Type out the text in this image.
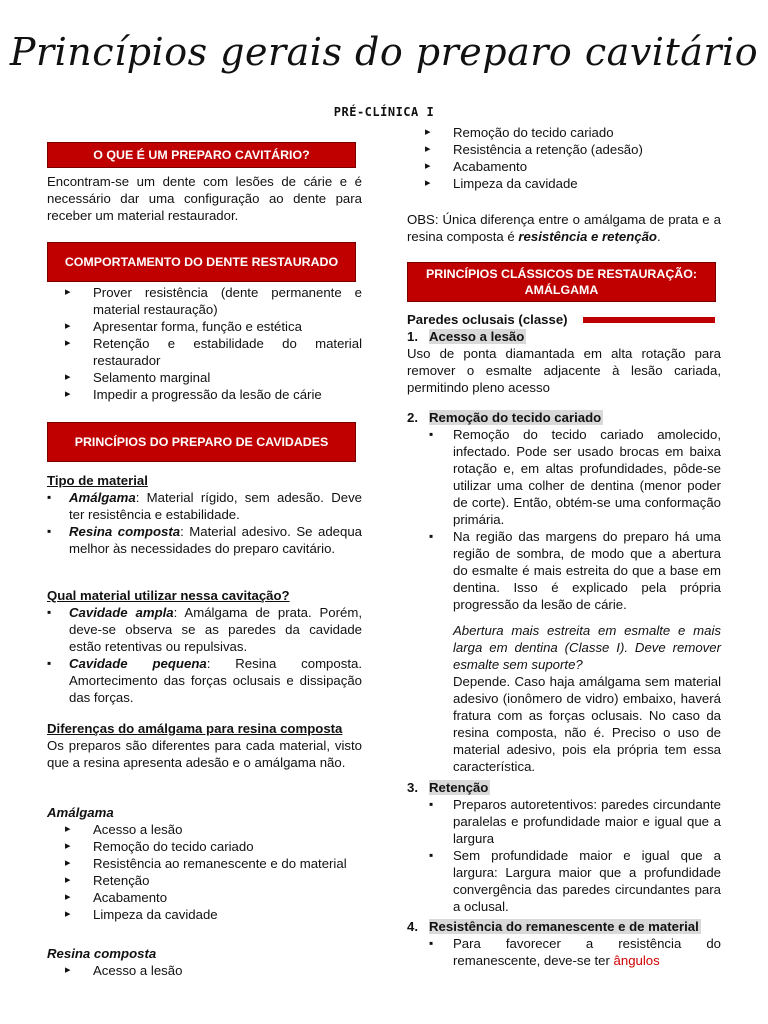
Princípios gerais do preparo cavitário
PRÉ-CLÍNICA I
O QUE É UM PREPARO CAVITÁRIO?

Encontram-se um dente com lesões de cárie e é necessário dar uma configuração ao dente para receber um material restaurador.

COMPORTAMENTO DO DENTE RESTAURADO
▸ Prover resistência (dente permanente e material restauração)
▸ Apresentar forma, função e estética
▸ Retenção e estabilidade do material restaurador
▸ Selamento marginal
▸ Impedir a progressão da lesão de cárie
PRINCÍPIOS DO PREPARO DE CAVIDADES
Tipo de material
▪ Amálgama: Material rígido, sem adesão. Deve ter resistência e estabilidade.
▪ Resina composta: Material adesivo. Se adequa melhor às necessidades do preparo cavitário.
Qual material utilizar nessa cavitação?
▪ Cavidade ampla: Amálgama de prata. Porém, deve-se observa se as paredes da cavidade estão retentivas ou repulsivas.
▪ Cavidade pequena: Resina composta. Amortecimento das forças oclusais e dissipação das forças.
Diferenças do amálgama para resina composta

Os preparos são diferentes para cada material, visto que a resina apresenta adesão e o amálgama não.

Amálgama
▸ Acesso a lesão
▸ Remoção do tecido cariado
▸ Resistência ao remanescente e do material
▸ Retenção
▸ Acabamento
▸ Limpeza da cavidade
Resina composta
▸ Acesso a lesão
▸ Remoção do tecido cariado
▸ Resistência a retenção (adesão)
▸ Acabamento
▸ Limpeza da cavidade

OBS: Única diferença entre o amálgama de prata e a resina composta é resistência e retenção.

PRINCÍPIOS CLÁSSICOS DE RESTAURAÇÃO: AMÁLGAMA
Paredes oclusais (classe)
1. Acesso a lesão

Uso de ponta diamantada em alta rotação para remover o esmalte adjacente à lesão cariada, permitindo pleno acesso

2. Remoção do tecido cariado
▪ Remoção do tecido cariado amolecido, infectado. Pode ser usado brocas em baixa rotação e, em altas profundidades, pôde-se utilizar uma colher de dentina (menor poder de corte). Então, obtém-se uma conformação primária.
▪ Na região das margens do preparo há uma região de sombra, de modo que a abertura do esmalte é mais estreita do que a base em dentina. Isso é explicado pela própria progressão da lesão de cárie.

Abertura mais estreita em esmalte e mais larga em dentina (Classe I). Deve remover esmalte sem suporte?

Depende. Caso haja amálgama sem material adesivo (ionômero de vidro) embaixo, haverá fratura com as forças oclusais. No caso da resina composta, não é. Preciso o uso de material adesivo, pois ela própria tem essa característica.

3. Retenção
▪ Preparos autoretentivos: paredes circundante paralelas e profundidade maior e igual que a largura
▪ Sem profundidade maior e igual que a largura: Largura maior que a profundidade convergência das paredes circundantes para a oclusal.
4. Resistência do remanescente e de material
▪ Para favorecer a resistência do remanescente, deve-se ter ângulos
